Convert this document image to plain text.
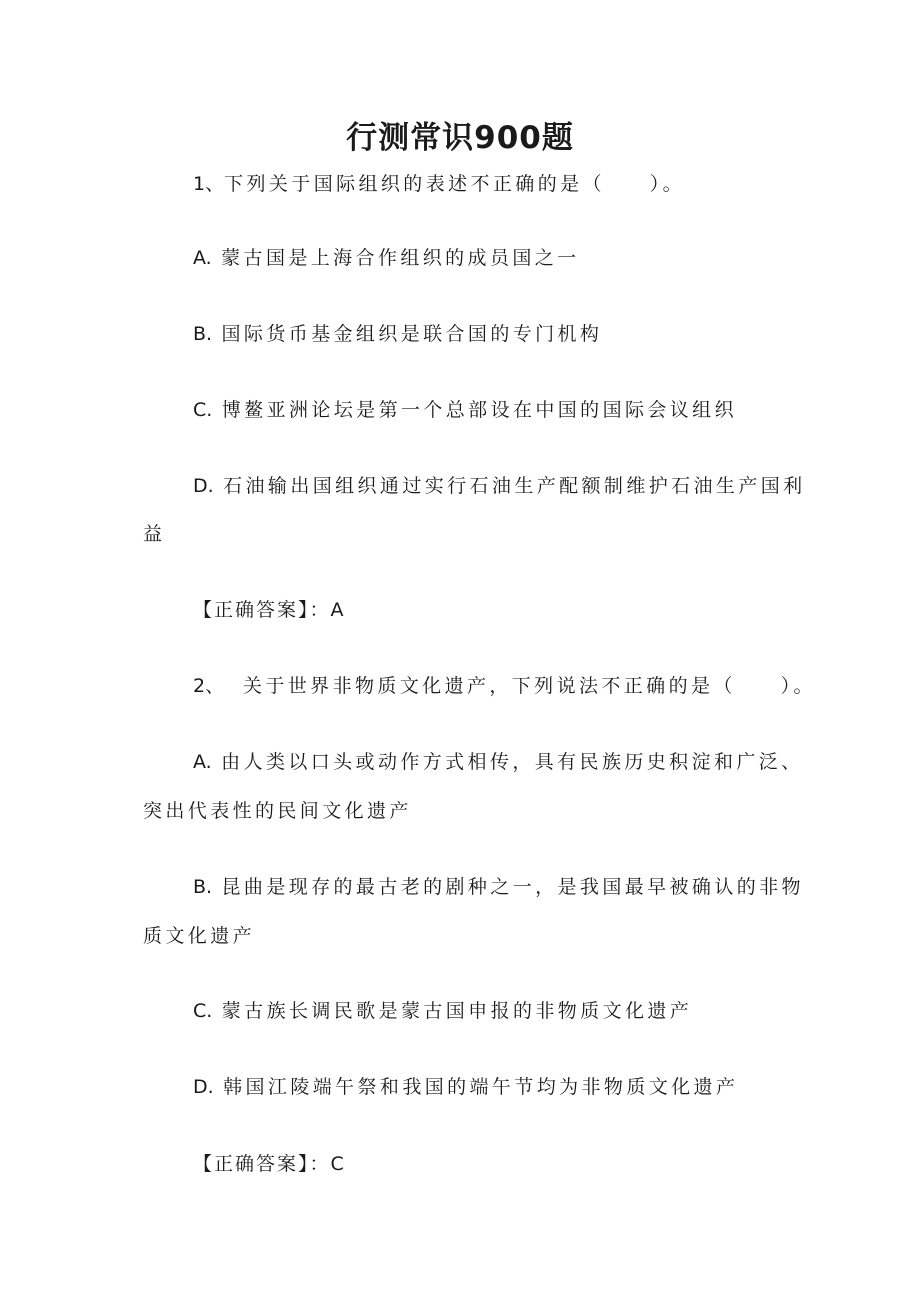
行测常识900题

1、下列关于国际组织的表述不正确的是（　　）。

A. 蒙古国是上海合作组织的成员国之一

B. 国际货币基金组织是联合国的专门机构

C. 博鳌亚洲论坛是第一个总部设在中国的国际会议组织

D. 石油输出国组织通过实行石油生产配额制维护石油生产国利

益

【正确答案】：A

2、 关于世界非物质文化遗产，下列说法不正确的是（　　）。

A. 由人类以口头或动作方式相传，具有民族历史积淀和广泛、

突出代表性的民间文化遗产

B. 昆曲是现存的最古老的剧种之一，是我国最早被确认的非物

质文化遗产

C. 蒙古族长调民歌是蒙古国申报的非物质文化遗产

D. 韩国江陵端午祭和我国的端午节均为非物质文化遗产

【正确答案】：C
